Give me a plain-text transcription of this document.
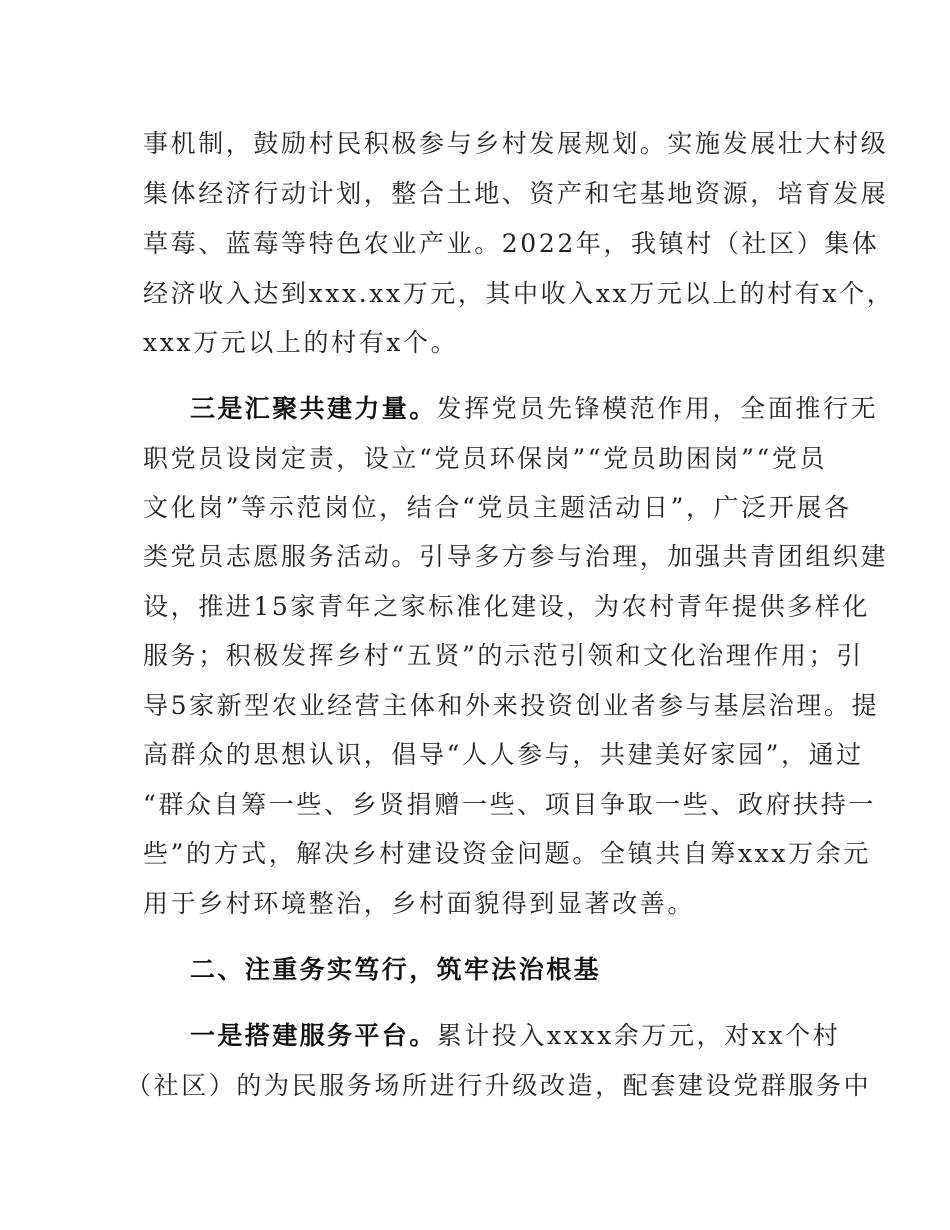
事机制，鼓励村民积极参与乡村发展规划。实施发展壮大村级
集体经济行动计划，整合土地、资产和宅基地资源，培育发展
草莓、蓝莓等特色农业产业。2022年，我镇村（社区）集体
经济收入达到xxx.xx万元，其中收入xx万元以上的村有x个，
xxx万元以上的村有x个。
三是汇聚共建力量。发挥党员先锋模范作用，全面推行无
职党员设岗定责，设立“党员环保岗”“党员助困岗”“党员
文化岗”等示范岗位，结合“党员主题活动日”，广泛开展各
类党员志愿服务活动。引导多方参与治理，加强共青团组织建
设，推进15家青年之家标准化建设，为农村青年提供多样化
服务；积极发挥乡村“五贤”的示范引领和文化治理作用；引
导5家新型农业经营主体和外来投资创业者参与基层治理。提
高群众的思想认识，倡导“人人参与，共建美好家园”，通过
“群众自筹一些、乡贤捐赠一些、项目争取一些、政府扶持一
些”的方式，解决乡村建设资金问题。全镇共自筹xxx万余元
用于乡村环境整治，乡村面貌得到显著改善。
二、注重务实笃行，筑牢法治根基
一是搭建服务平台。累计投入xxxx余万元，对xx个村
（社区）的为民服务场所进行升级改造，配套建设党群服务中
